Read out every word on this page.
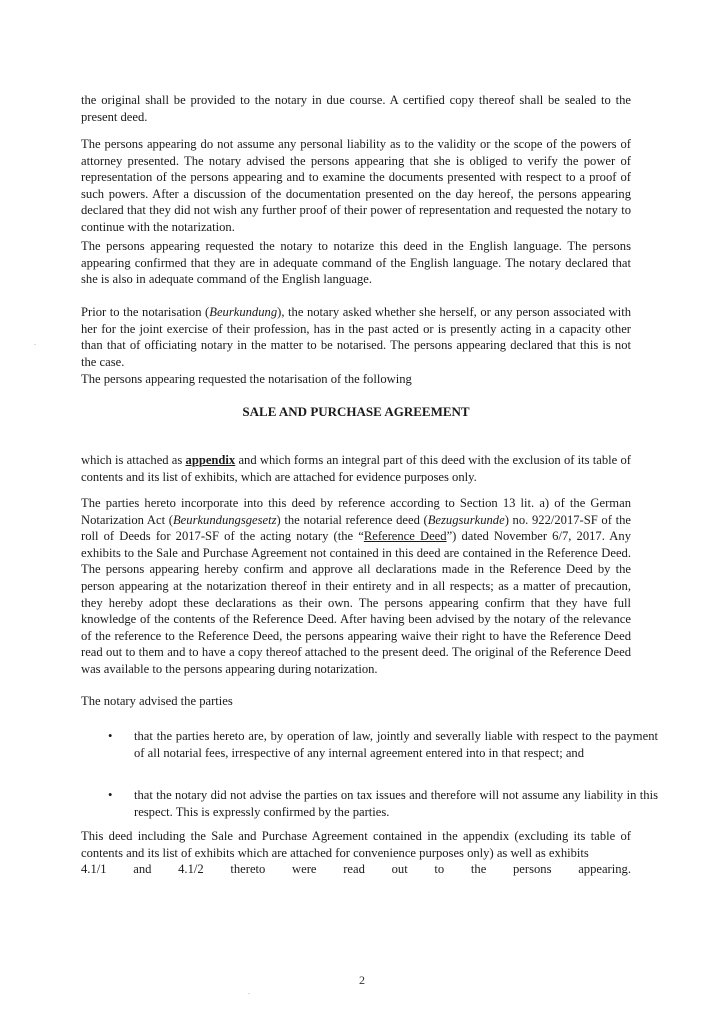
the original shall be provided to the notary in due course. A certified copy thereof shall be sealed to the present deed.

The persons appearing do not assume any personal liability as to the validity or the scope of the powers of attorney presented. The notary advised the persons appearing that she is obliged to verify the power of representation of the persons appearing and to examine the documents presented with respect to a proof of such powers. After a discussion of the documentation presented on the day hereof, the persons appearing declared that they did not wish any further proof of their power of representation and requested the notary to continue with the notarization.

The persons appearing requested the notary to notarize this deed in the English language. The persons appearing confirmed that they are in adequate command of the English language. The notary declared that she is also in adequate command of the English language.

Prior to the notarisation (Beurkundung), the notary asked whether she herself, or any person associated with her for the joint exercise of their profession, has in the past acted or is presently acting in a capacity other than that of officiating notary in the matter to be notarised. The persons appearing declared that this is not the case.

The persons appearing requested the notarisation of the following

SALE AND PURCHASE AGREEMENT

which is attached as appendix and which forms an integral part of this deed with the exclusion of its table of contents and its list of exhibits, which are attached for evidence purposes only.

The parties hereto incorporate into this deed by reference according to Section 13 lit. a) of the German Notarization Act (Beurkundungsgesetz) the notarial reference deed (Bezugsurkunde) no. 922/2017-SF of the roll of Deeds for 2017-SF of the acting notary (the “Reference Deed”) dated November 6/7, 2017. Any exhibits to the Sale and Purchase Agreement not contained in this deed are contained in the Reference Deed. The persons appearing hereby confirm and approve all declarations made in the Reference Deed by the person appearing at the notarization thereof in their entirety and in all respects; as a matter of precaution, they hereby adopt these declarations as their own. The persons appearing confirm that they have full knowledge of the contents of the Reference Deed. After having been advised by the notary of the relevance of the reference to the Reference Deed, the persons appearing waive their right to have the Reference Deed read out to them and to have a copy thereof attached to the present deed. The original of the Reference Deed was available to the persons appearing during notarization.

The notary advised the parties

•	that the parties hereto are, by operation of law, jointly and severally liable with respect to the payment of all notarial fees, irrespective of any internal agreement entered into in that respect; and

•	that the notary did not advise the parties on tax issues and therefore will not assume any liability in this respect. This is expressly confirmed by the parties.

This deed including the Sale and Purchase Agreement contained in the appendix (excluding its table of contents and its list of exhibits which are attached for convenience purposes only) as well as exhibits

4.1/1 and 4.1/2 thereto were read out to the persons appearing.

2
